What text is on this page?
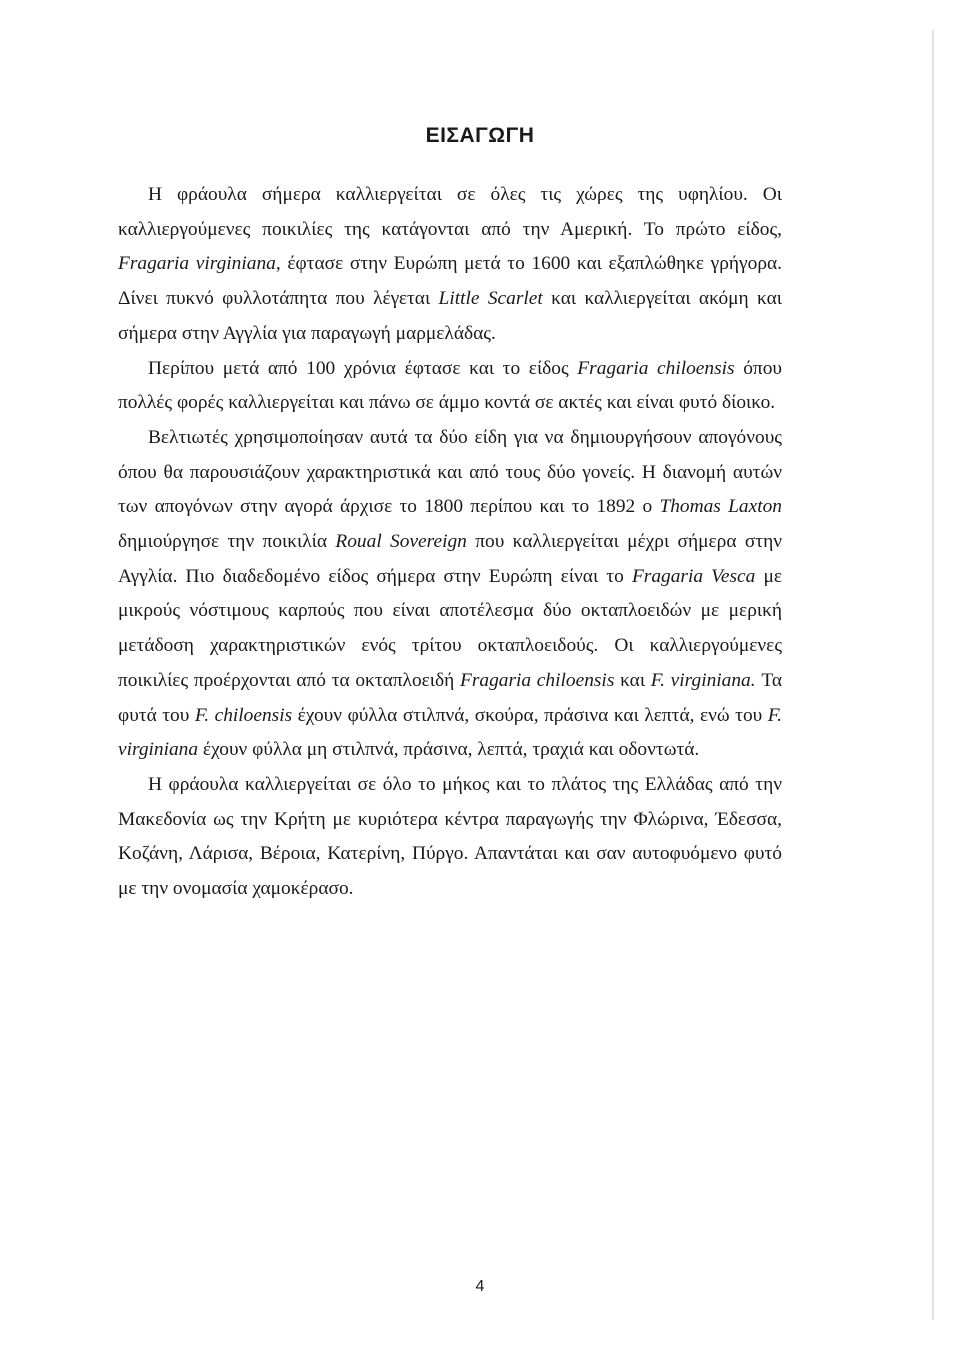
ΕΙΣΑΓΩΓΗ

Η φράουλα σήμερα καλλιεργείται σε όλες τις χώρες της υφηλίου. Οι καλλιεργούμενες ποικιλίες της κατάγονται από την Αμερική. Το πρώτο είδος, Fragaria virginiana, έφτασε στην Ευρώπη μετά το 1600 και εξαπλώθηκε γρήγορα. Δίνει πυκνό φυλλοτάπητα που λέγεται Little Scarlet και καλλιεργείται ακόμη και σήμερα στην Αγγλία για παραγωγή μαρμελάδας.

Περίπου μετά από 100 χρόνια έφτασε και το είδος Fragaria chiloensis όπου πολλές φορές καλλιεργείται και πάνω σε άμμο κοντά σε ακτές και είναι φυτό δίοικο.

Βελτιωτές χρησιμοποίησαν αυτά τα δύο είδη για να δημιουργήσουν απογόνους όπου θα παρουσιάζουν χαρακτηριστικά και από τους δύο γονείς. Η διανομή αυτών των απογόνων στην αγορά άρχισε το 1800 περίπου και το 1892 ο Thomas Laxton δημιούργησε την ποικιλία Roual Sovereign που καλλιεργείται μέχρι σήμερα στην Αγγλία. Πιο διαδεδομένο είδος σήμερα στην Ευρώπη είναι το Fragaria Vesca με μικρούς νόστιμους καρπούς που είναι αποτέλεσμα δύο οκταπλοειδών με μερική μετάδοση χαρακτηριστικών ενός τρίτου οκταπλοειδούς. Οι καλλιεργούμενες ποικιλίες προέρχονται από τα οκταπλοειδή Fragaria chiloensis και F. virginiana. Τα φυτά του F. chiloensis έχουν φύλλα στιλπνά, σκούρα, πράσινα και λεπτά, ενώ του F. virginiana έχουν φύλλα μη στιλπνά, πράσινα, λεπτά, τραχιά και οδοντωτά.

Η φράουλα καλλιεργείται σε όλο το μήκος και το πλάτος της Ελλάδας από την Μακεδονία ως την Κρήτη με κυριότερα κέντρα παραγωγής την Φλώρινα, Έδεσσα, Κοζάνη, Λάρισα, Βέροια, Κατερίνη, Πύργο. Απαντάται και σαν αυτοφυόμενο φυτό με την ονομασία χαμοκέρασο.

4
